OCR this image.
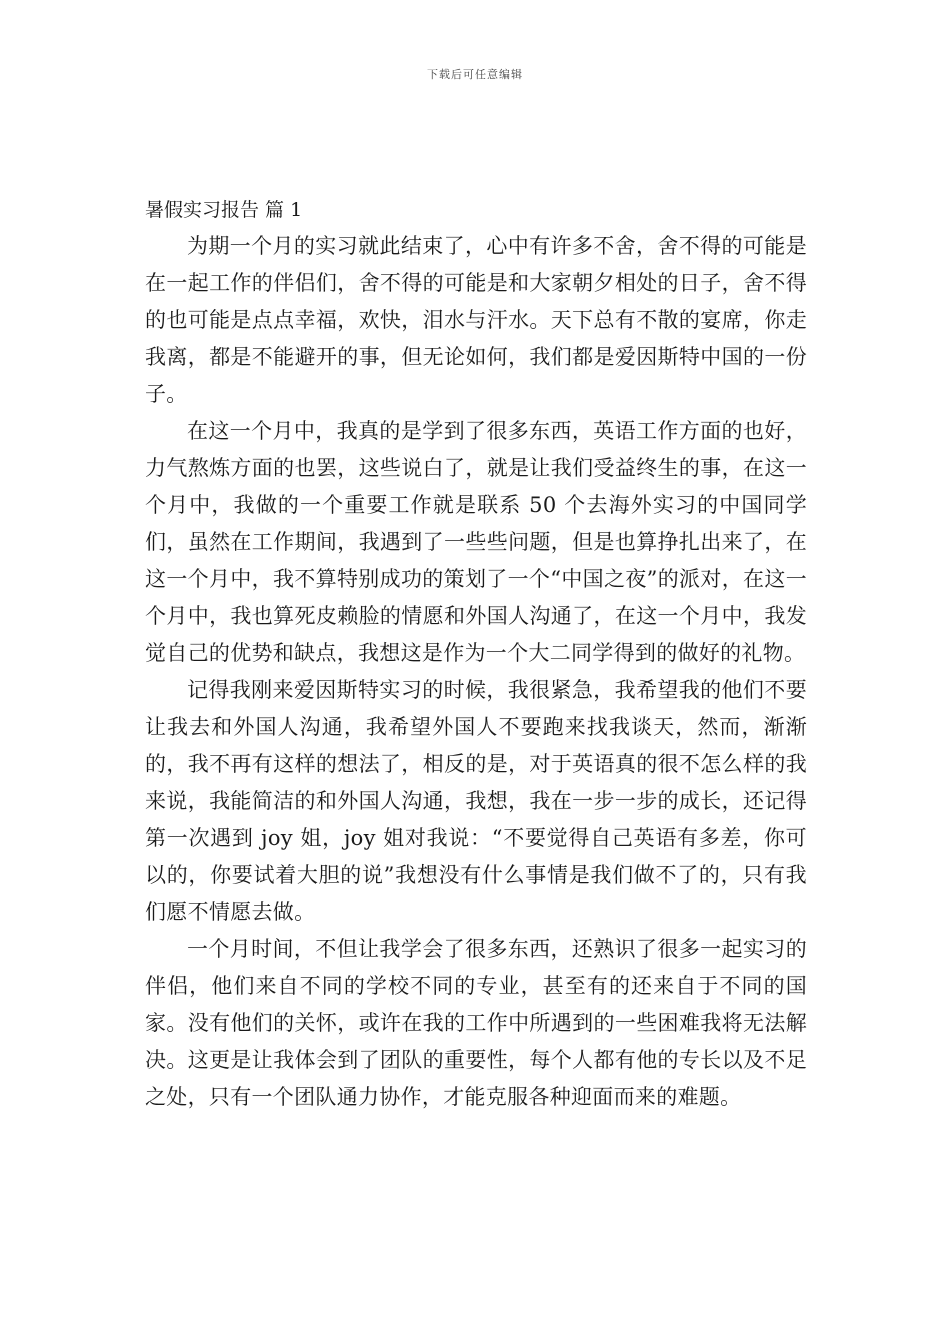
下载后可任意编辑
暑假实习报告 篇 1

为期一个月的实习就此结束了，心中有许多不舍，舍不得的可能是在一起工作的伴侣们，舍不得的可能是和大家朝夕相处的日子，舍不得的也可能是点点幸福，欢快，泪水与汗水。天下总有不散的宴席，你走我离，都是不能避开的事，但无论如何，我们都是爱因斯特中国的一份子。

在这一个月中，我真的是学到了很多东西，英语工作方面的也好，力气熬炼方面的也罢，这些说白了，就是让我们受益终生的事，在这一个月中，我做的一个重要工作就是联系 50 个去海外实习的中国同学们，虽然在工作期间，我遇到了一些些问题，但是也算挣扎出来了，在这一个月中，我不算特别成功的策划了一个“中国之夜”的派对，在这一个月中，我也算死皮赖脸的情愿和外国人沟通了，在这一个月中，我发觉自己的优势和缺点，我想这是作为一个大二同学得到的做好的礼物。

记得我刚来爱因斯特实习的时候，我很紧急，我希望我的他们不要让我去和外国人沟通，我希望外国人不要跑来找我谈天，然而，渐渐的，我不再有这样的想法了，相反的是，对于英语真的很不怎么样的我来说，我能简洁的和外国人沟通，我想，我在一步一步的成长，还记得第一次遇到 joy 姐，joy 姐对我说：“不要觉得自己英语有多差，你可以的，你要试着大胆的说”我想没有什么事情是我们做不了的，只有我们愿不情愿去做。

一个月时间，不但让我学会了很多东西，还熟识了很多一起实习的伴侣，他们来自不同的学校不同的专业，甚至有的还来自于不同的国家。没有他们的关怀，或许在我的工作中所遇到的一些困难我将无法解决。这更是让我体会到了团队的重要性，每个人都有他的专长以及不足之处，只有一个团队通力协作，才能克服各种迎面而来的难题。
